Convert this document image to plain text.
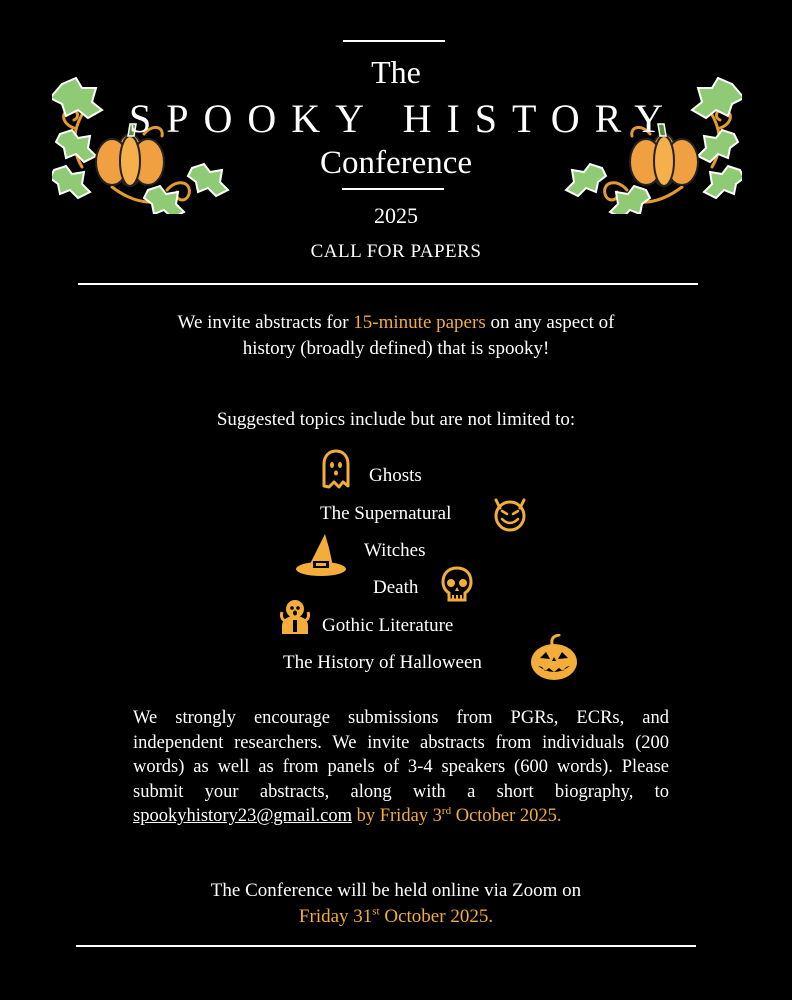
The
SPOOKY HISTORY
Conference
2025
CALL FOR PAPERS
We invite abstracts for 15-minute papers on any aspect of
history (broadly defined) that is spooky!
Suggested topics include but are not limited to:
Ghosts
The Supernatural
Witches
Death
Gothic Literature
The History of Halloween
We strongly encourage submissions from PGRs, ECRs, and independent researchers. We invite abstracts from individuals (200 words) as well as from panels of 3-4 speakers (600 words). Please submit your abstracts, along with a short biography, to spookyhistory23@gmail.com by Friday 3rd October 2025.
The Conference will be held online via Zoom on
Friday 31st October 2025.
